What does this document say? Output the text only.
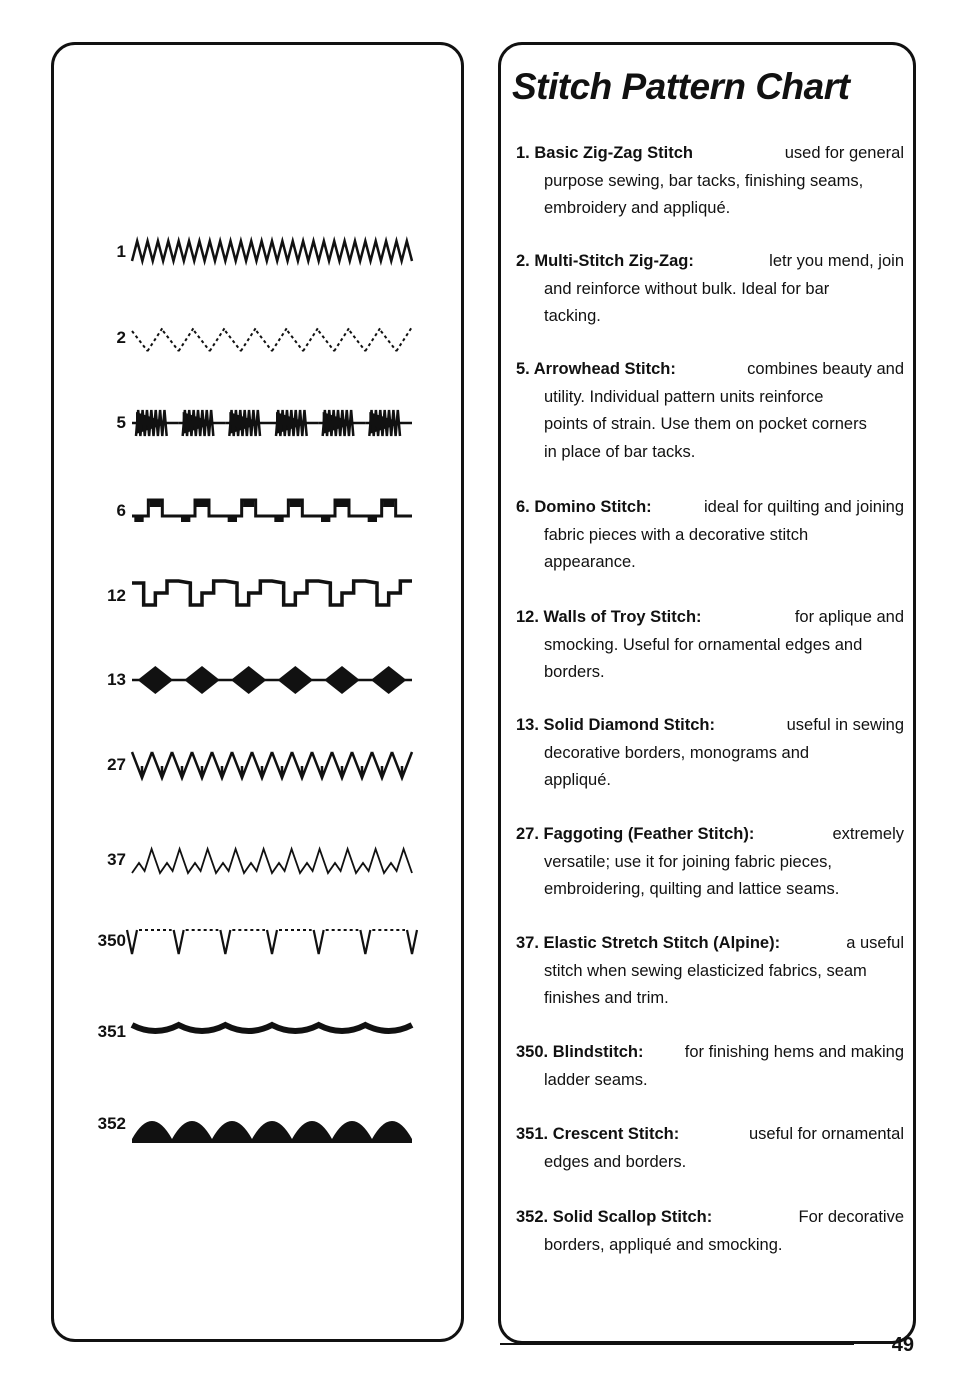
Stitch Pattern Chart
1
2
5
6
12
13
27
37
350
351
352
1. Basic Zig-Zag Stitch	used for general
purpose sewing, bar tacks, finishing seams,
embroidery and appliqué.
2. Multi-Stitch Zig-Zag:	letr you mend, join
and reinforce without bulk. Ideal for bar
tacking.
5. Arrowhead Stitch:	combines beauty and
utility. Individual pattern units reinforce
points of strain. Use them on pocket corners
in place of bar tacks.
6. Domino Stitch:	ideal for quilting and joining
fabric pieces with a decorative stitch
appearance.
12. Walls of Troy Stitch:	for aplique and
smocking. Useful for ornamental edges and
borders.
13. Solid Diamond Stitch:	useful in sewing
decorative borders, monograms and
appliqué.
27. Faggoting (Feather Stitch):	extremely
versatile; use it for joining fabric pieces,
embroidering, quilting and lattice seams.
37. Elastic Stretch Stitch (Alpine):	a useful
stitch when sewing elasticized fabrics, seam
finishes and trim.
350. Blindstitch:	for finishing hems and making
ladder seams.
351. Crescent Stitch:	useful for ornamental
edges and borders.
352. Solid Scallop Stitch:	For decorative
borders, appliqué and smocking.
49
